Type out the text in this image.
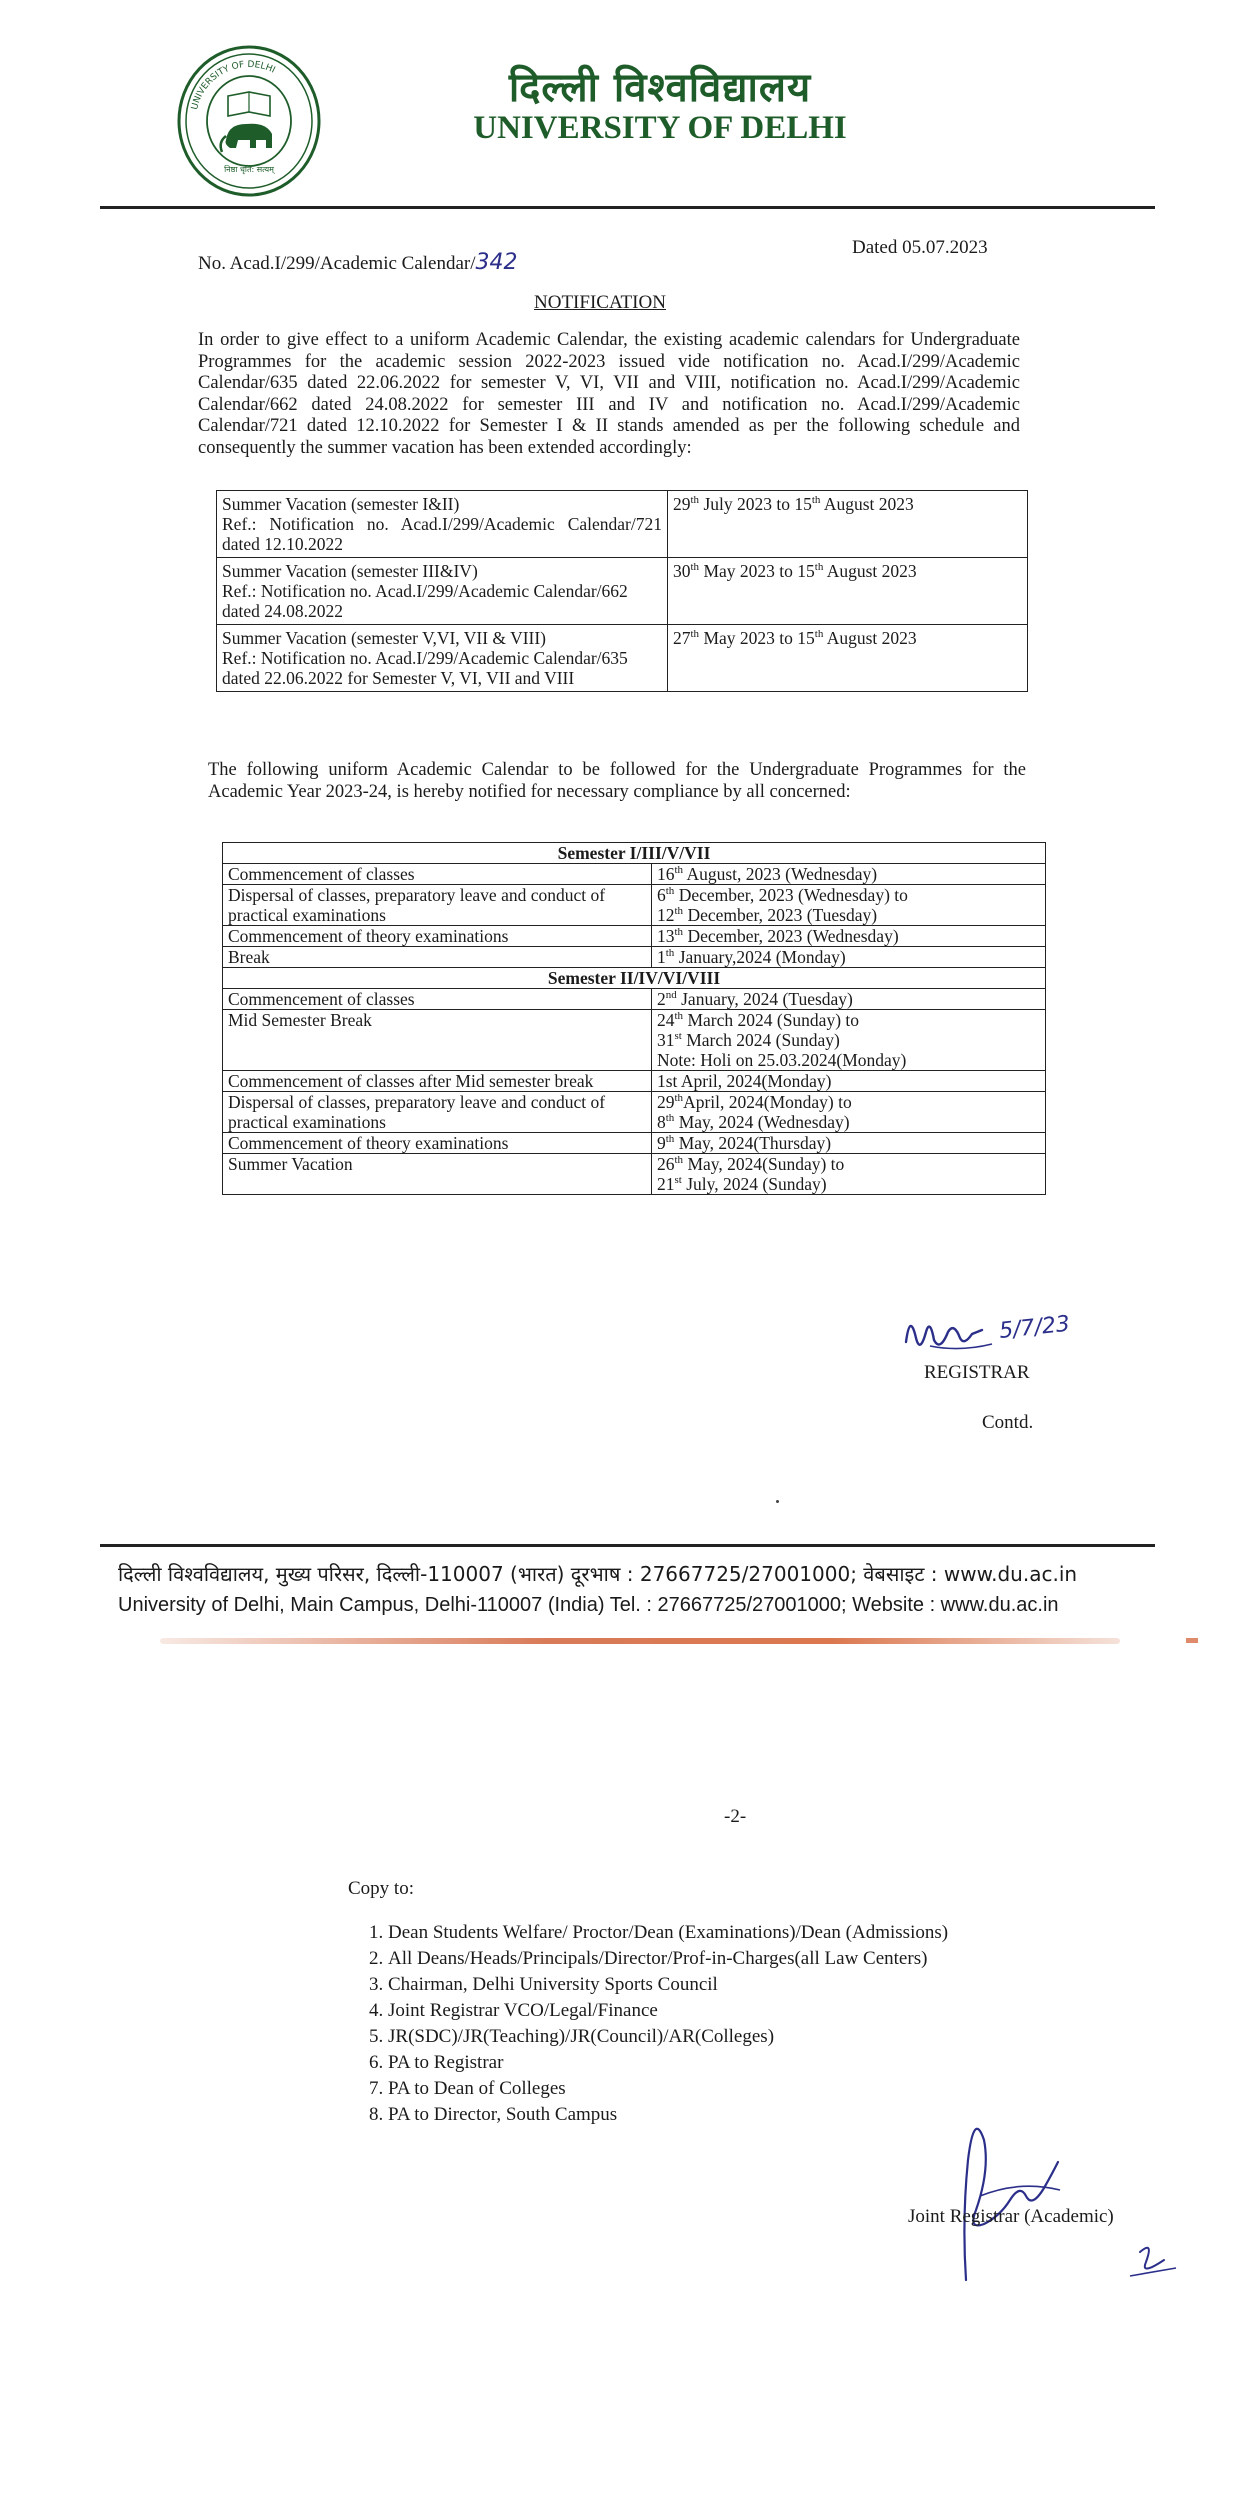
UNIVERSITY OF DELHI
निष्ठा धृति: सत्यम्
दिल्ली विश्वविद्यालय
UNIVERSITY OF DELHI
No. Acad.I/299/Academic Calendar/342
Dated 05.07.2023
NOTIFICATION
In order to give effect to a uniform Academic Calendar, the existing academic calendars for Undergraduate Programmes for the academic session 2022-2023 issued vide notification no. Acad.I/299/Academic Calendar/635 dated 22.06.2022 for semester V, VI, VII and VIII, notification no. Acad.I/299/Academic Calendar/662 dated 24.08.2022 for semester III and IV and notification no. Acad.I/299/Academic Calendar/721 dated 12.10.2022 for Semester I & II stands amended as per the following schedule and consequently the summer vacation has been extended accordingly:
Summer Vacation (semester I&II)
Ref.: Notification no. Acad.I/299/Academic Calendar/721 dated 12.10.2022	29th July 2023 to 15th August 2023

Summer Vacation (semester III&IV)
Ref.: Notification no. Acad.I/299/Academic Calendar/662 dated 24.08.2022	30th May 2023 to 15th August 2023

Summer Vacation (semester V,VI, VII & VIII)
Ref.: Notification no. Acad.I/299/Academic Calendar/635 dated 22.06.2022 for Semester V, VI, VII and VIII	27th May 2023 to 15th August 2023
The following uniform Academic Calendar to be followed for the Undergraduate Programmes for the Academic Year 2023-24, is hereby notified for necessary compliance by all concerned:
Semester I/III/V/VII	
Commencement of classes	16th August, 2023 (Wednesday)
Dispersal of classes, preparatory leave and conduct of practical examinations	6th December, 2023 (Wednesday) to
12th December, 2023 (Tuesday)

Commencement of theory examinations	13th December, 2023 (Wednesday)
Break	1th January,2024 (Monday)
Semester II/IV/VI/VIII	
Commencement of classes	2nd January, 2024 (Tuesday)
Mid Semester Break	24th March 2024 (Sunday) to
31st March 2024 (Sunday)
Note: Holi on 25.03.2024(Monday)

Commencement of classes after Mid semester break	1st April, 2024(Monday)
Dispersal of classes, preparatory leave and conduct of practical examinations	29thApril, 2024(Monday) to
8th May, 2024 (Wednesday)

Commencement of theory examinations	9th May, 2024(Thursday)
Summer Vacation	26th May, 2024(Sunday) to
21st July, 2024 (Sunday)
5/7/23
REGISTRAR
Contd.
दिल्ली विश्वविद्यालय, मुख्य परिसर, दिल्ली-110007 (भारत) दूरभाष : 27667725/27001000; वेबसाइट : www.du.ac.in
University of Delhi, Main Campus, Delhi-110007 (India) Tel. : 27667725/27001000; Website : www.du.ac.in
-2-
Copy to:
1. Dean Students Welfare/ Proctor/Dean (Examinations)/Dean (Admissions)
2. All Deans/Heads/Principals/Director/Prof-in-Charges(all Law Centers)
3. Chairman, Delhi University Sports Council
4. Joint Registrar VCO/Legal/Finance
5. JR(SDC)/JR(Teaching)/JR(Council)/AR(Colleges)
6. PA to Registrar
7. PA to Dean of Colleges
8. PA to Director, South Campus
Joint Registrar (Academic)
